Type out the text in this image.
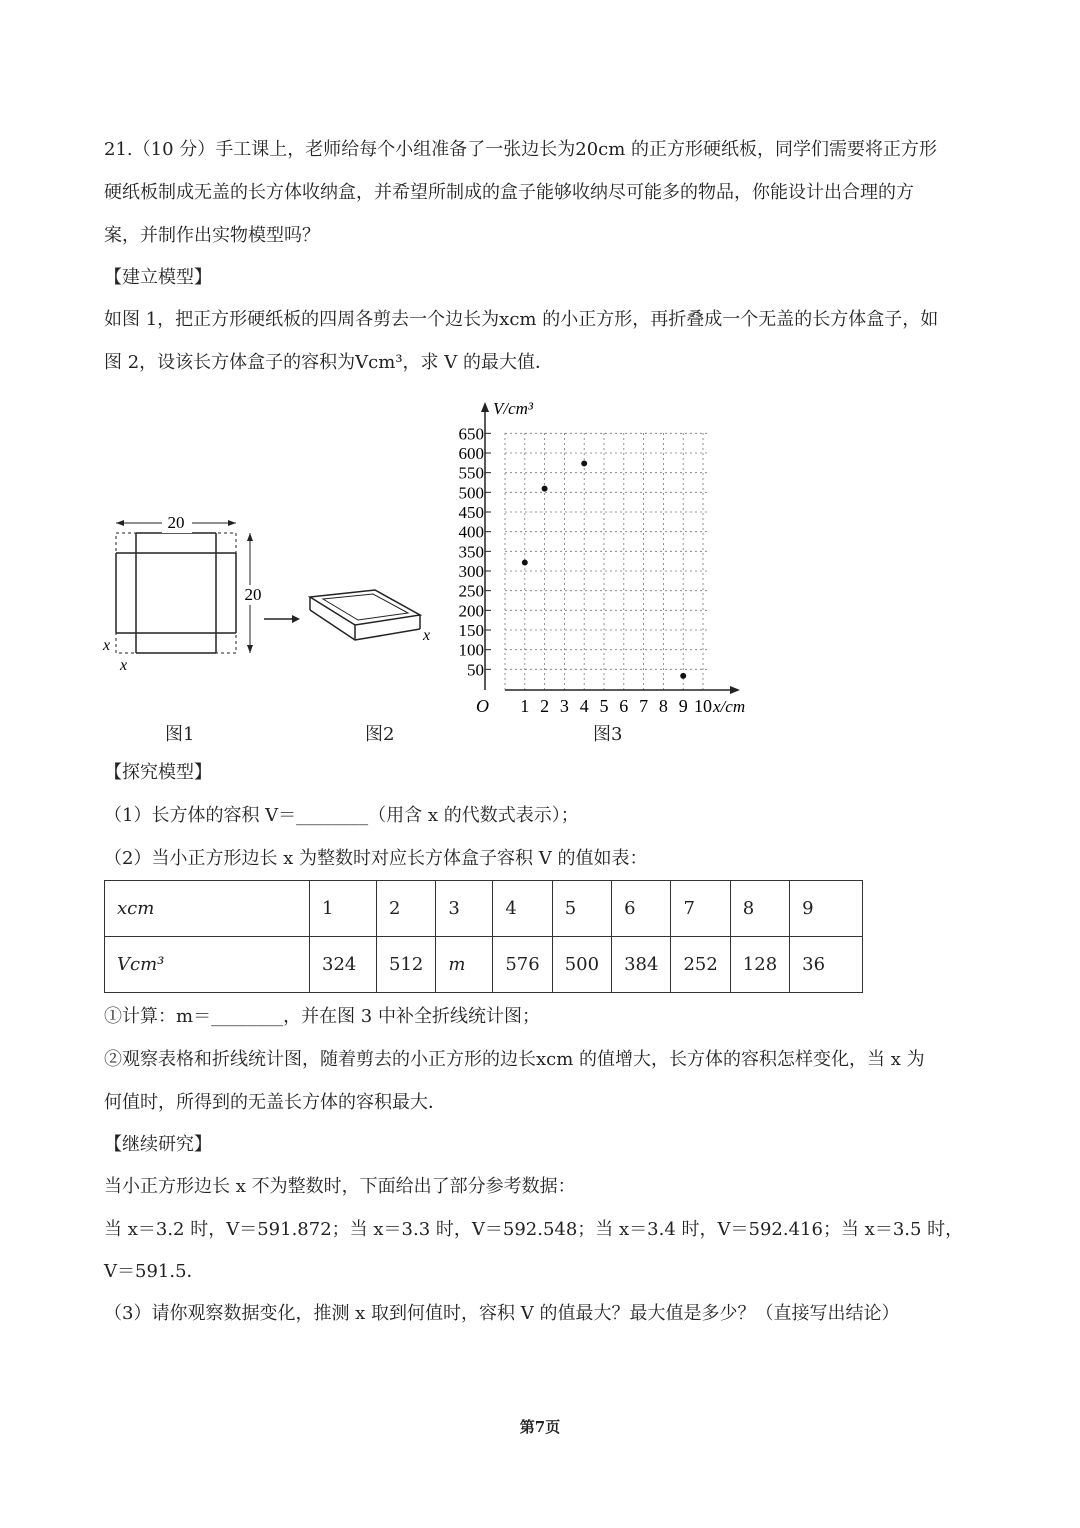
21.（10 分）手工课上，老师给每个小组准备了一张边长为20cm 的正方形硬纸板，同学们需要将正方形
硬纸板制成无盖的长方体收纳盒，并希望所制成的盒子能够收纳尽可能多的物品，你能设计出合理的方
案，并制作出实物模型吗？
【建立模型】
如图 1，把正方形硬纸板的四周各剪去一个边长为xcm 的小正方形，再折叠成一个无盖的长方体盒子，如
图 2，设该长方体盒子的容积为Vcm³，求 V 的最大值．
20
20
x
x
x
V/cm³
x/cm
O
50
100
150
200
250
300
350
400
450
500
550
600
650
1 2 3 4 5 6 7 8 9 10
图1	图2	图3
【探究模型】
（1）长方体的容积 V＝________（用含 x 的代数式表示）；
（2）当小正方形边长 x 为整数时对应长方体盒子容积 V 的值如表：
xcm	1	2	3	4	5	6	7	8	9
Vcm³	324	512	m	576	500	384	252	128	36
①计算：m＝________，并在图 3 中补全折线统计图；
②观察表格和折线统计图，随着剪去的小正方形的边长xcm 的值增大，长方体的容积怎样变化，当 x 为
何值时，所得到的无盖长方体的容积最大．
【继续研究】
当小正方形边长 x 不为整数时，下面给出了部分参考数据：
当 x＝3.2 时，V＝591.872；当 x＝3.3 时，V＝592.548；当 x＝3.4 时，V＝592.416；当 x＝3.5 时，
V＝591.5．
（3）请你观察数据变化，推测 x 取到何值时，容积 V 的值最大？最大值是多少？（直接写出结论）
第7页
